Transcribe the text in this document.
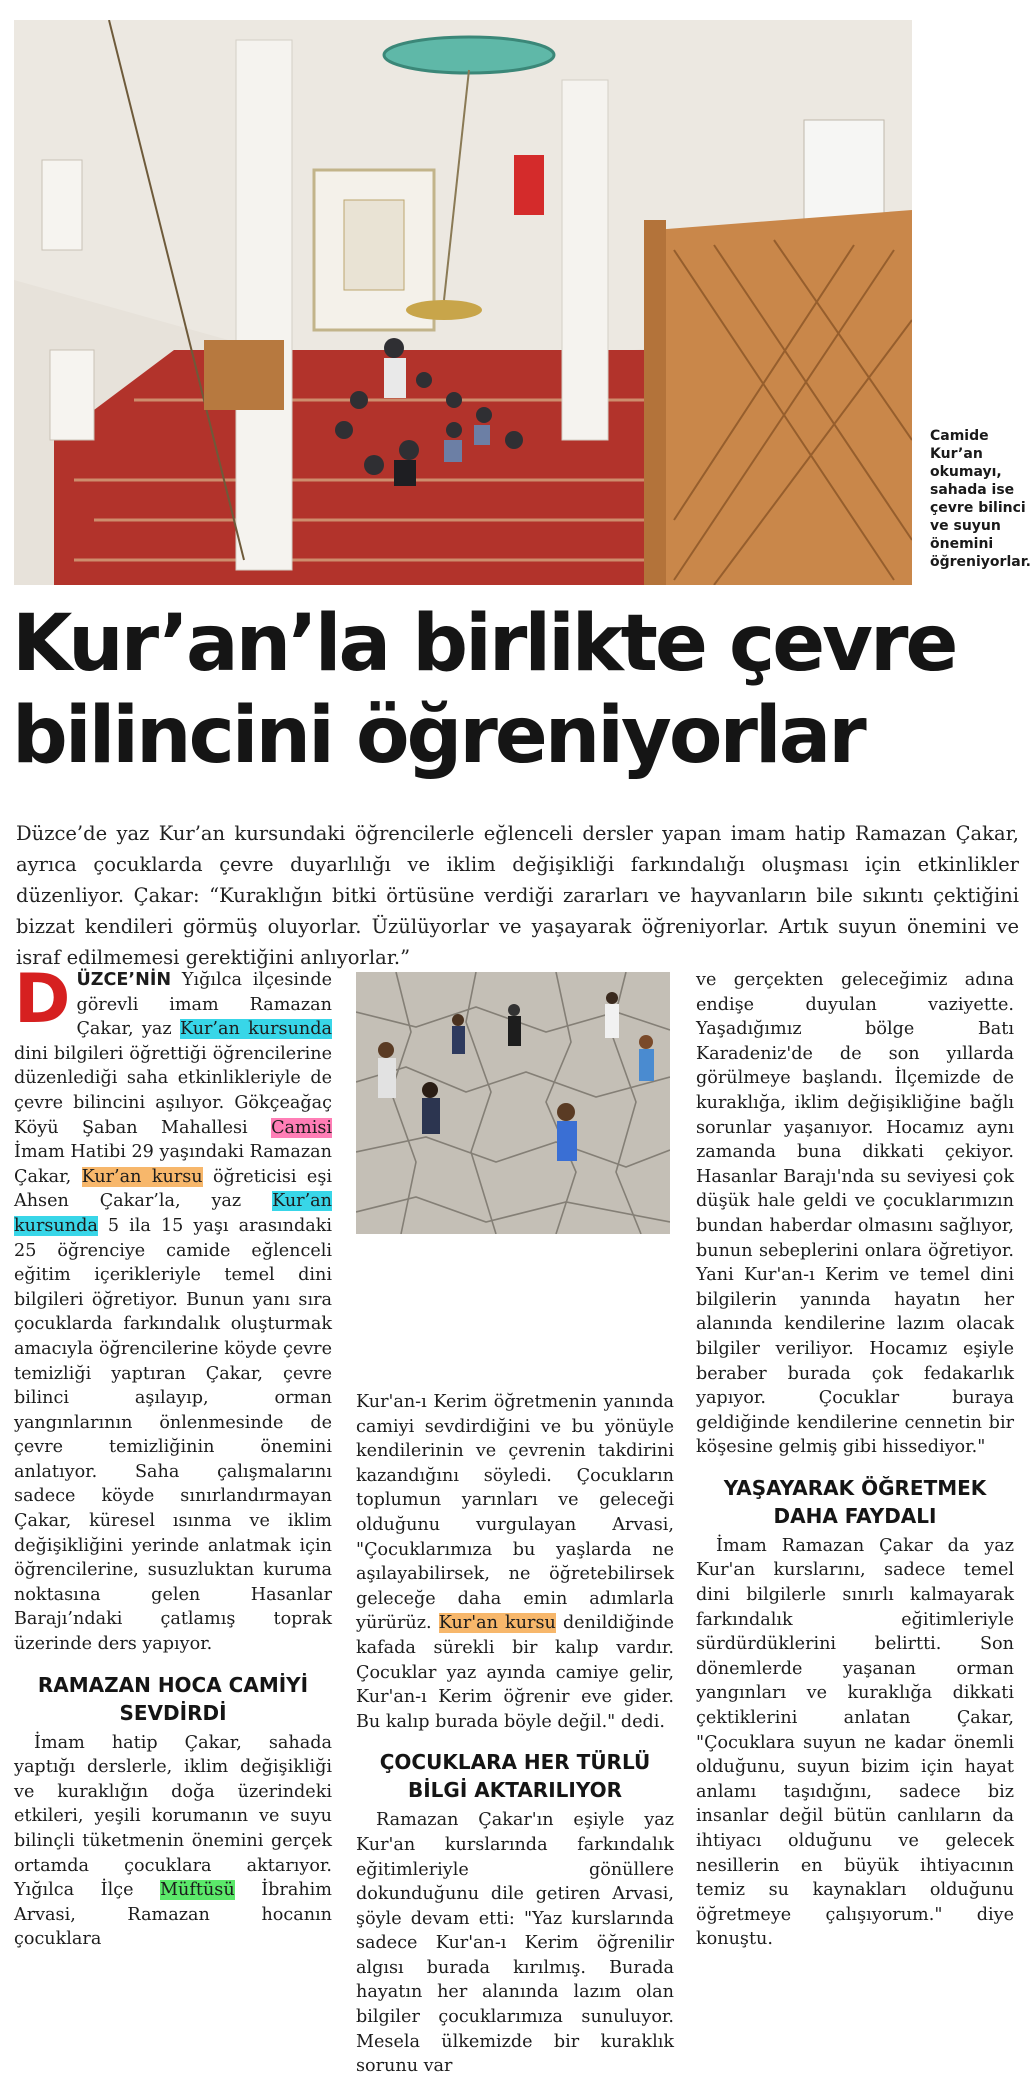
Camide Kur’an okumayı, sahada ise çevre bilinci ve suyun önemini öğreniyorlar.

Kur’an’la birlikte çevre
bilincini öğreniyorlar
Düzce’de yaz Kur’an kursundaki öğrencilerle eğlenceli dersler yapan imam hatip Ramazan Çakar, ayrıca çocuklarda çevre duyarlılığı ve iklim değişikliği farkındalığı oluşması için etkinlikler düzenliyor. Çakar: “Kuraklığın bitki örtüsüne verdiği zararları ve hayvanların bile sıkıntı çektiğini bizzat kendileri görmüş oluyorlar. Üzülüyorlar ve yaşayarak öğreniyorlar. Artık suyun önemini ve israf edilmemesi gerektiğini anlıyorlar.”

DÜZCE’NİN Yığılca ilçesinde görevli imam Ramazan Çakar, yaz Kur’an kursunda dini bilgileri öğrettiği öğrencilerine düzenlediği saha etkinlikleriyle de çevre bilincini aşılıyor. Gökçeağaç Köyü Şaban Mahallesi Camisi İmam Hatibi 29 yaşındaki Ramazan Çakar, Kur’an kursu öğreticisi eşi Ahsen Çakar’la, yaz Kur’an kursunda 5 ila 15 yaşı arasındaki 25 öğrenciye camide eğlenceli eğitim içerikleriyle temel dini bilgileri öğretiyor. Bunun yanı sıra çocuklarda farkındalık oluşturmak amacıyla öğrencilerine köyde çevre temizliği yaptıran Çakar, çevre bilinci aşılayıp, orman yangınlarının önlenmesinde de çevre temizliğinin önemini anlatıyor. Saha çalışmalarını sadece köyde sınırlandırmayan Çakar, küresel ısınma ve iklim değişikliğini yerinde anlatmak için öğrencilerine, susuzluktan kuruma noktasına gelen Hasanlar Barajı’ndaki çatlamış toprak üzerinde ders yapıyor.

RAMAZAN HOCA CAMİYİ SEVDİRDİ

İmam hatip Çakar, sahada yaptığı derslerle, iklim değişikliği ve kuraklığın doğa üzerindeki etkileri, yeşili korumanın ve suyu bilinçli tüketmenin önemini gerçek ortamda çocuklara aktarıyor. Yığılca İlçe Müftüsü İbrahim Arvasi, Ramazan hocanın çocuklara

Kur'an-ı Kerim öğretmenin yanında camiyi sevdirdiğini ve bu yönüyle kendilerinin ve çevrenin takdirini kazandığını söyledi. Çocukların toplumun yarınları ve geleceği olduğunu vurgulayan Arvasi, "Çocuklarımıza bu yaşlarda ne aşılayabilirsek, ne öğretebilirsek geleceğe daha emin adımlarla yürürüz. Kur'an kursu denildiğinde kafada sürekli bir kalıp vardır. Çocuklar yaz ayında camiye gelir, Kur'an-ı Kerim öğrenir eve gider. Bu kalıp burada böyle değil." dedi.

ÇOCUKLARA HER TÜRLÜ BİLGİ AKTARILIYOR

Ramazan Çakar'ın eşiyle yaz Kur'an kurslarında farkındalık eğitimleriyle gönüllere dokunduğunu dile getiren Arvasi, şöyle devam etti: "Yaz kurslarında sadece Kur'an-ı Kerim öğrenilir algısı burada kırılmış. Burada hayatın her alanında lazım olan bilgiler çocuklarımıza sunuluyor. Mesela ülkemizde bir kuraklık sorunu var

ve gerçekten geleceğimiz adına endişe duyulan vaziyette. Yaşadığımız bölge Batı Karadeniz'de de son yıllarda görülmeye başlandı. İlçemizde de kuraklığa, iklim değişikliğine bağlı sorunlar yaşanıyor. Hocamız aynı zamanda buna dikkati çekiyor. Hasanlar Barajı'nda su seviyesi çok düşük hale geldi ve çocuklarımızın bundan haberdar olmasını sağlıyor, bunun sebeplerini onlara öğretiyor. Yani Kur'an-ı Kerim ve temel dini bilgilerin yanında hayatın her alanında kendilerine lazım olacak bilgiler veriliyor. Hocamız eşiyle beraber burada çok fedakarlık yapıyor. Çocuklar buraya geldiğinde kendilerine cennetin bir köşesine gelmiş gibi hissediyor."

YAŞAYARAK ÖĞRETMEK DAHA FAYDALI

İmam Ramazan Çakar da yaz Kur'an kurslarını, sadece temel dini bilgilerle sınırlı kalmayarak farkındalık eğitimleriyle sürdürdüklerini belirtti. Son dönemlerde yaşanan orman yangınları ve kuraklığa dikkati çektiklerini anlatan Çakar, "Çocuklara suyun ne kadar önemli olduğunu, suyun bizim için hayat anlamı taşıdığını, sadece biz insanlar değil bütün canlıların da ihtiyacı olduğunu ve gelecek nesillerin en büyük ihtiyacının temiz su kaynakları olduğunu öğretmeye çalışıyorum." diye konuştu.
